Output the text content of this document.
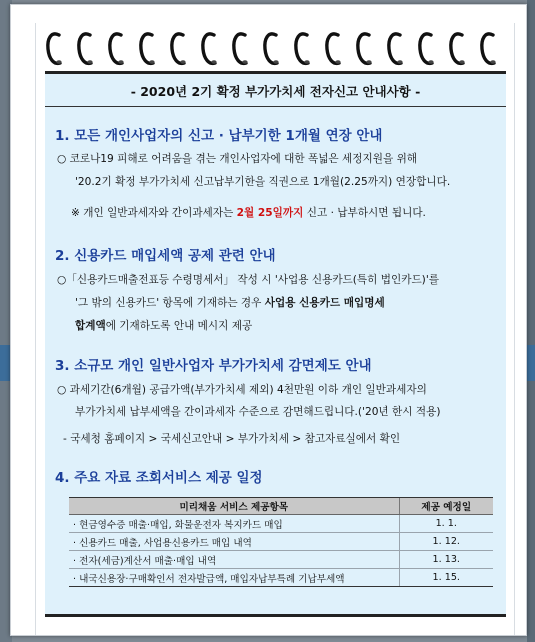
- 2020년 2기 확정 부가가치세 전자신고 안내사항 -
1. 모든 개인사업자의 신고 · 납부기한 1개월 연장 안내
○ 코로나19 피해로 어려움을 겪는 개인사업자에 대한 폭넓은 세정지원을 위해
'20.2기 확정 부가가치세 신고납부기한을 직권으로 1개월(2.25까지) 연장합니다.
※ 개인 일반과세자와 간이과세자는 2월 25일까지 신고 · 납부하시면 됩니다.
2. 신용카드 매입세액 공제 관련 안내
○「신용카드매출전표등 수령명세서」 작성 시 '사업용 신용카드(특히 법인카드)'를
'그 밖의 신용카드' 항목에 기재하는 경우 사업용 신용카드 매입명세
합계액에 기재하도록 안내 메시지 제공
3. 소규모 개인 일반사업자 부가가치세 감면제도 안내
○ 과세기간(6개월) 공급가액(부가가치세 제외) 4천만원 이하 개인 일반과세자의
부가가치세 납부세액을 간이과세자 수준으로 감면해드립니다.('20년 한시 적용)
- 국세청 홈페이지 > 국세신고안내 > 부가가치세 > 참고자료실에서 확인
4. 주요 자료 조회서비스 제공 일정
미리채움 서비스 제공항목	제공 예정일
· 현금영수증 매출·매입, 화물운전자 복지카드 매입	1. 1.
· 신용카드 매출, 사업용신용카드 매입 내역	1. 12.
· 전자(세금)계산서 매출·매입 내역	1. 13.
· 내국신용장·구매확인서 전자발급액, 매입자납부특례 기납부세액	1. 15.
